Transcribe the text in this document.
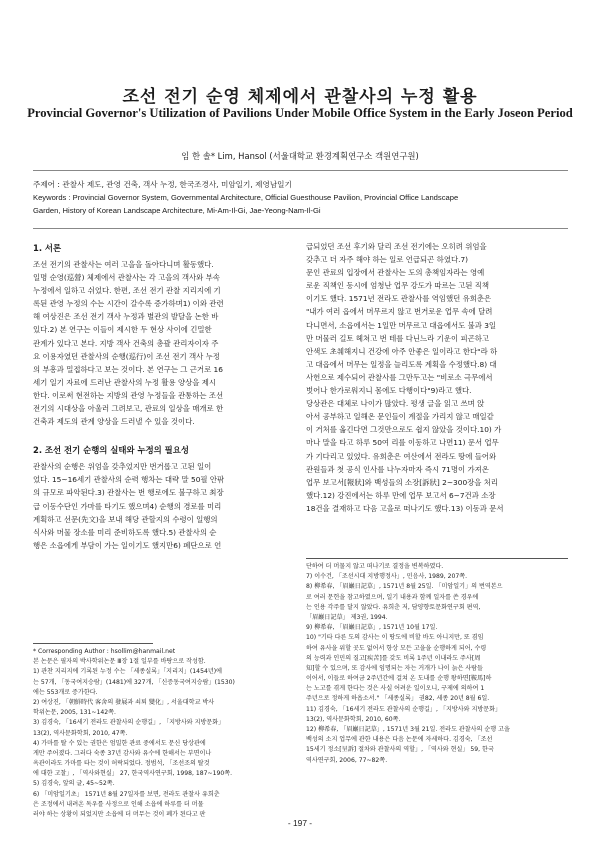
조선 전기 순영 체제에서 관찰사의 누정 활용
Provincial Governor's Utilization of Pavilions Under Mobile Office System in the Early Joseon Period
임 한 솔* Lim, Hansol (서울대학교 환경계획연구소 객원연구원)
주제어 : 관찰사 제도, 관영 건축, 객사 누정, 한국조경사, 미암일기, 제영남일기
Keywords : Provincial Governor System, Governmental Architecture, Official Guesthouse Pavilion, Provincial Office Landscape
Garden, History of Korean Landscape Architecture, Mi-Am-Il-Gi, Jae-Yeong-Nam-Il-Gi
1. 서론
조선 전기의 관찰사는 여러 고을을 돌아다니며 활동했다.
일명 순영(巡營) 체제에서 관찰사는 각 고을의 객사와 부속
누정에서 일하고 쉬었다. 한편, 조선 전기 관찰 지리지에 기
록된 관영 누정의 수는 시간이 갈수록 증가하며1) 이와 관련
해 여상진은 조선 전기 객사 누정과 별관의 발달을 논한 바
있다.2) 본 연구는 이들이 제시한 두 현상 사이에 긴밀한
관계가 있다고 본다. 지방 객사 건축의 총괄 관리자이자 주
요 이용자였던 관찰사의 순행(巡行)이 조선 전기 객사 누정
의 부흥과 밀접하다고 보는 것이다. 본 연구는 그 근거로 16
세기 일기 자료에 드러난 관찰사의 누정 활용 양상을 제시
한다. 이로써 현전하는 지방의 관영 누정들을 관통하는 조선
전기의 시대상을 아울러 그려보고, 관료의 일상을 매개로 한
건축과 제도의 관계 양상을 드러낼 수 있을 것이다.
2. 조선 전기 순행의 실태와 누정의 필요성
관찰사의 순행은 위엄을 갖추었지만 번거롭고 고된 일이
었다. 15~16세기 관찰사의 순력 행차는 대략 말 50필 안팎
의 규모로 파악된다.3) 관찰사는 번 행로에도 불구하고 최장
급 이동수단인 가마를 타기도 했으며4) 순행의 경로를 미리
계획하고 선문(先文)을 보내 해당 관할지의 수령이 일행의
식사와 머물 장소를 미리 준비하도록 했다.5) 관찰사의 순
행은 소읍에게 부담이 가는 일이기도 했지만6) 폐단으로 언
급되었던 조선 후기와 달리 조선 전기에는 오히려 위엄을
갖추고 더 자주 해야 하는 일로 언급되곤 하였다.7)
문인 관료의 입장에서 관찰사는 도의 총책임자라는 영예
로운 직책인 동시에 엄청난 업무 강도가 따르는 고된 직책
이기도 했다. 1571년 전라도 관찰사를 역임했던 유희춘은
"내가 여러 읍에서 머무르지 않고 번거로운 업무 속에 달려
다니면서, 소읍에서는 1일만 머무르고 대읍에서도 불과 3일
만 머물러 길토 헤쳐고 번 테를 다닌느라 기운이 피곤하고
안색도 초췌해지니 건강에 아주 안좋은 일이라고 한다"라 하
고 대읍에서 머무는 일정을 늘리도록 계획을 수정했다.8) 대
사헌으로 제수되어 관찰사를 그만두고는 "비로소 극무에서
벗어나 한가로워지니 몸에도 다행이다"9)라고 했다.
당상관은 대체로 나이가 많았다. 평생 글을 읽고 쓰며 앉
아서 공부하고 일해온 문인들이 계절을 가리지 않고 매일같
이 거처를 옮긴다면 그것만으로도 쉽지 않았을 것이다.10) 가
마나 말을 타고 하루 50여 리를 이동하고 나면11) 문서 업무
가 기다리고 있었다. 유희춘은 여산에서 전라도 땅에 들어와
관원들과 첫 공식 인사를 나누자마자 즉시 71명이 가져온
업무 보고서[報狀]와 백성들의 소장[訴狀] 2~300장을 처리
했다.12) 강진에서는 하루 만에 업무 보고서 6~7건과 소장
18건을 결재하고 다음 고을로 떠나기도 했다.13) 이동과 문서
* Corresponding Author : hsollim@hanmail.net
본 논문은 필자의 박사학위논문 Ⅲ장 1절 일부를 바탕으로 작성함.
1) 관찬 지리지에 기록된 누정 수는 「세종실록」「지리지」(1454년)에
는 57개, 「동국여지승람」(1481)에 327개, 「신증동국여지승람」(1530)
에는 553개로 증가한다.
2) 여상진, 「朝鮮時代 客舍의 發展과 쇠퇴 變化」, 서울대학교 박사
학위논문, 2005, 131~142쪽.
3) 김경숙, 「16세기 전라도 관찰사의 순행길」, 「지방사와 지방문화」
13(2), 역사문화학회, 2010, 47쪽.
4) 가마를 탈 수 있는 권한은 엄밀한 관료 중에서도 문신 당상관에
게만 주어졌다. 그러다 숙종 37년 감사와 유수에 한해서는 부면이나
옥관이라도 가마를 타는 것이 허락되었다. 정범석, 「조선조의 탈것
에 대한 고찰」, 「역사와현실」 27, 한국역사연구회, 1998, 187~190쪽.
5) 김경숙, 앞의 글, 45~52쪽.
6) 「미암일기초」 1571년 8월 27일자를 보면, 전라도 관찰사 유희춘
은 조정에서 내려온 독우를 사정으로 인해 소읍에 하루를 더 머물
러야 하는 상황이 되었지만 소읍에 더 머무는 것이 폐가 된다고 판
단하여 더 머물지 않고 떠나기로 결정을 변복하였다.
7) 이수건, 「조선시대 지방행정사」, 민음사, 1989, 207쪽.
8) 柳希春, 「眉巖日記草」, 1571년 8월 25일. 「미암일기」의 번역본으
로 여러 문헌을 참고하였으며, 일기 내용과 함께 일자를 쓴 경우에
는 인용 각주를 달지 않았다. 유희춘 저, 담양향토문화연구회 편역,
「眉巖日記草」 제3권, 1994.
9) 柳希春, 「眉巖日記草」, 1571년 10월 17일.
10) "기타 다른 도의 감사는 이 땅도에 비할 바도 아니지만, 또 겸임
하여 유사을 위할 곳도 없어서 항상 모든 고을을 순행하게 되어, 수령
의 능력과 인민의 질고[疾苦]를 갖도 비록 1주년 이내라도 주사[周
知]할 수 있으며, 또 감사에 임명되는 자는 거개가 나이 늙은 사람들
이어서, 이들로 하여금 2주년간에 걸쳐 온 도내를 순행 왕하면[鞍馬]하
는 노고를 겪게 한다는 것은 사실 어려운 일이오니, 구제에 의하여 1
주년으로 정하게 하옵소서." 「세종실록」 권82, 세종 20년 8월 6일.
11) 김경숙, 「16세기 전라도 관찰사의 순행길」, 「지방사와 지방문화」
13(2), 역사문화학회, 2010, 60쪽.
12) 柳希春, 「眉巖日記草」, 1571년 3월 21일. 전라도 관찰사의 순행 고을
백성의 소지 업무에 관한 내용은 다음 논문에 자세하다. 김경숙, 「조선
15세기 정소[呈訴] 절차와 관찰사의 역할」, 「역사와 현실」 59, 한국
역사연구회, 2006, 77~82쪽.
- 197 -
